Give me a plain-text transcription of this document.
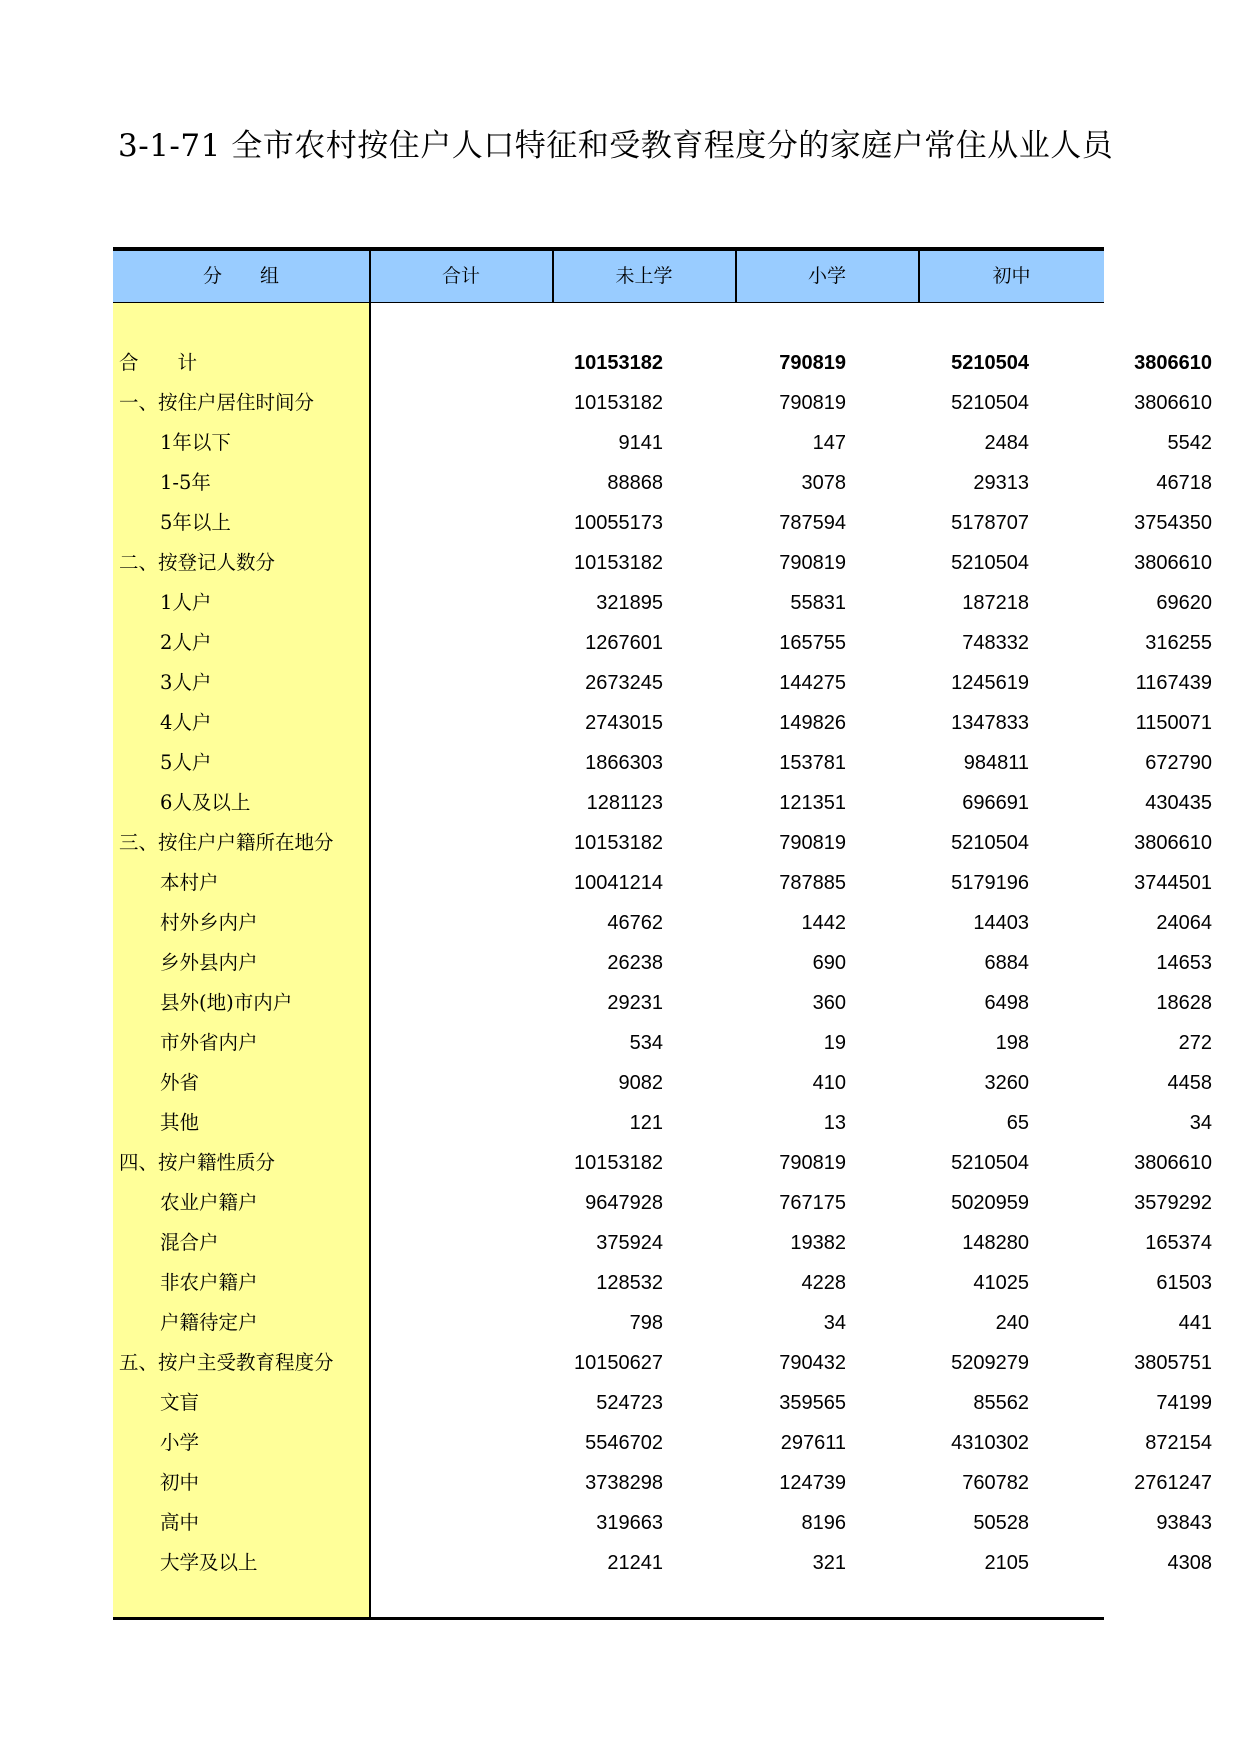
3-1-71 全市农村按住户人口特征和受教育程度分的家庭户常住从业人员
分　　组	合计	未上学	小学	初中
合　　计	10153182	790819	5210504	3806610
一、按住户居住时间分	10153182	790819	5210504	3806610
1年以下	9141	147	2484	5542
1-5年	88868	3078	29313	46718
5年以上	10055173	787594	5178707	3754350
二、按登记人数分	10153182	790819	5210504	3806610
1人户	321895	55831	187218	69620
2人户	1267601	165755	748332	316255
3人户	2673245	144275	1245619	1167439
4人户	2743015	149826	1347833	1150071
5人户	1866303	153781	984811	672790
6人及以上	1281123	121351	696691	430435
三、按住户户籍所在地分	10153182	790819	5210504	3806610
本村户	10041214	787885	5179196	3744501
村外乡内户	46762	1442	14403	24064
乡外县内户	26238	690	6884	14653
县外(地)市内户	29231	360	6498	18628
市外省内户	534	19	198	272
外省	9082	410	3260	4458
其他	121	13	65	34
四、按户籍性质分	10153182	790819	5210504	3806610
农业户籍户	9647928	767175	5020959	3579292
混合户	375924	19382	148280	165374
非农户籍户	128532	4228	41025	61503
户籍待定户	798	34	240	441
五、按户主受教育程度分	10150627	790432	5209279	3805751
文盲	524723	359565	85562	74199
小学	5546702	297611	4310302	872154
初中	3738298	124739	760782	2761247
高中	319663	8196	50528	93843
大学及以上	21241	321	2105	4308
